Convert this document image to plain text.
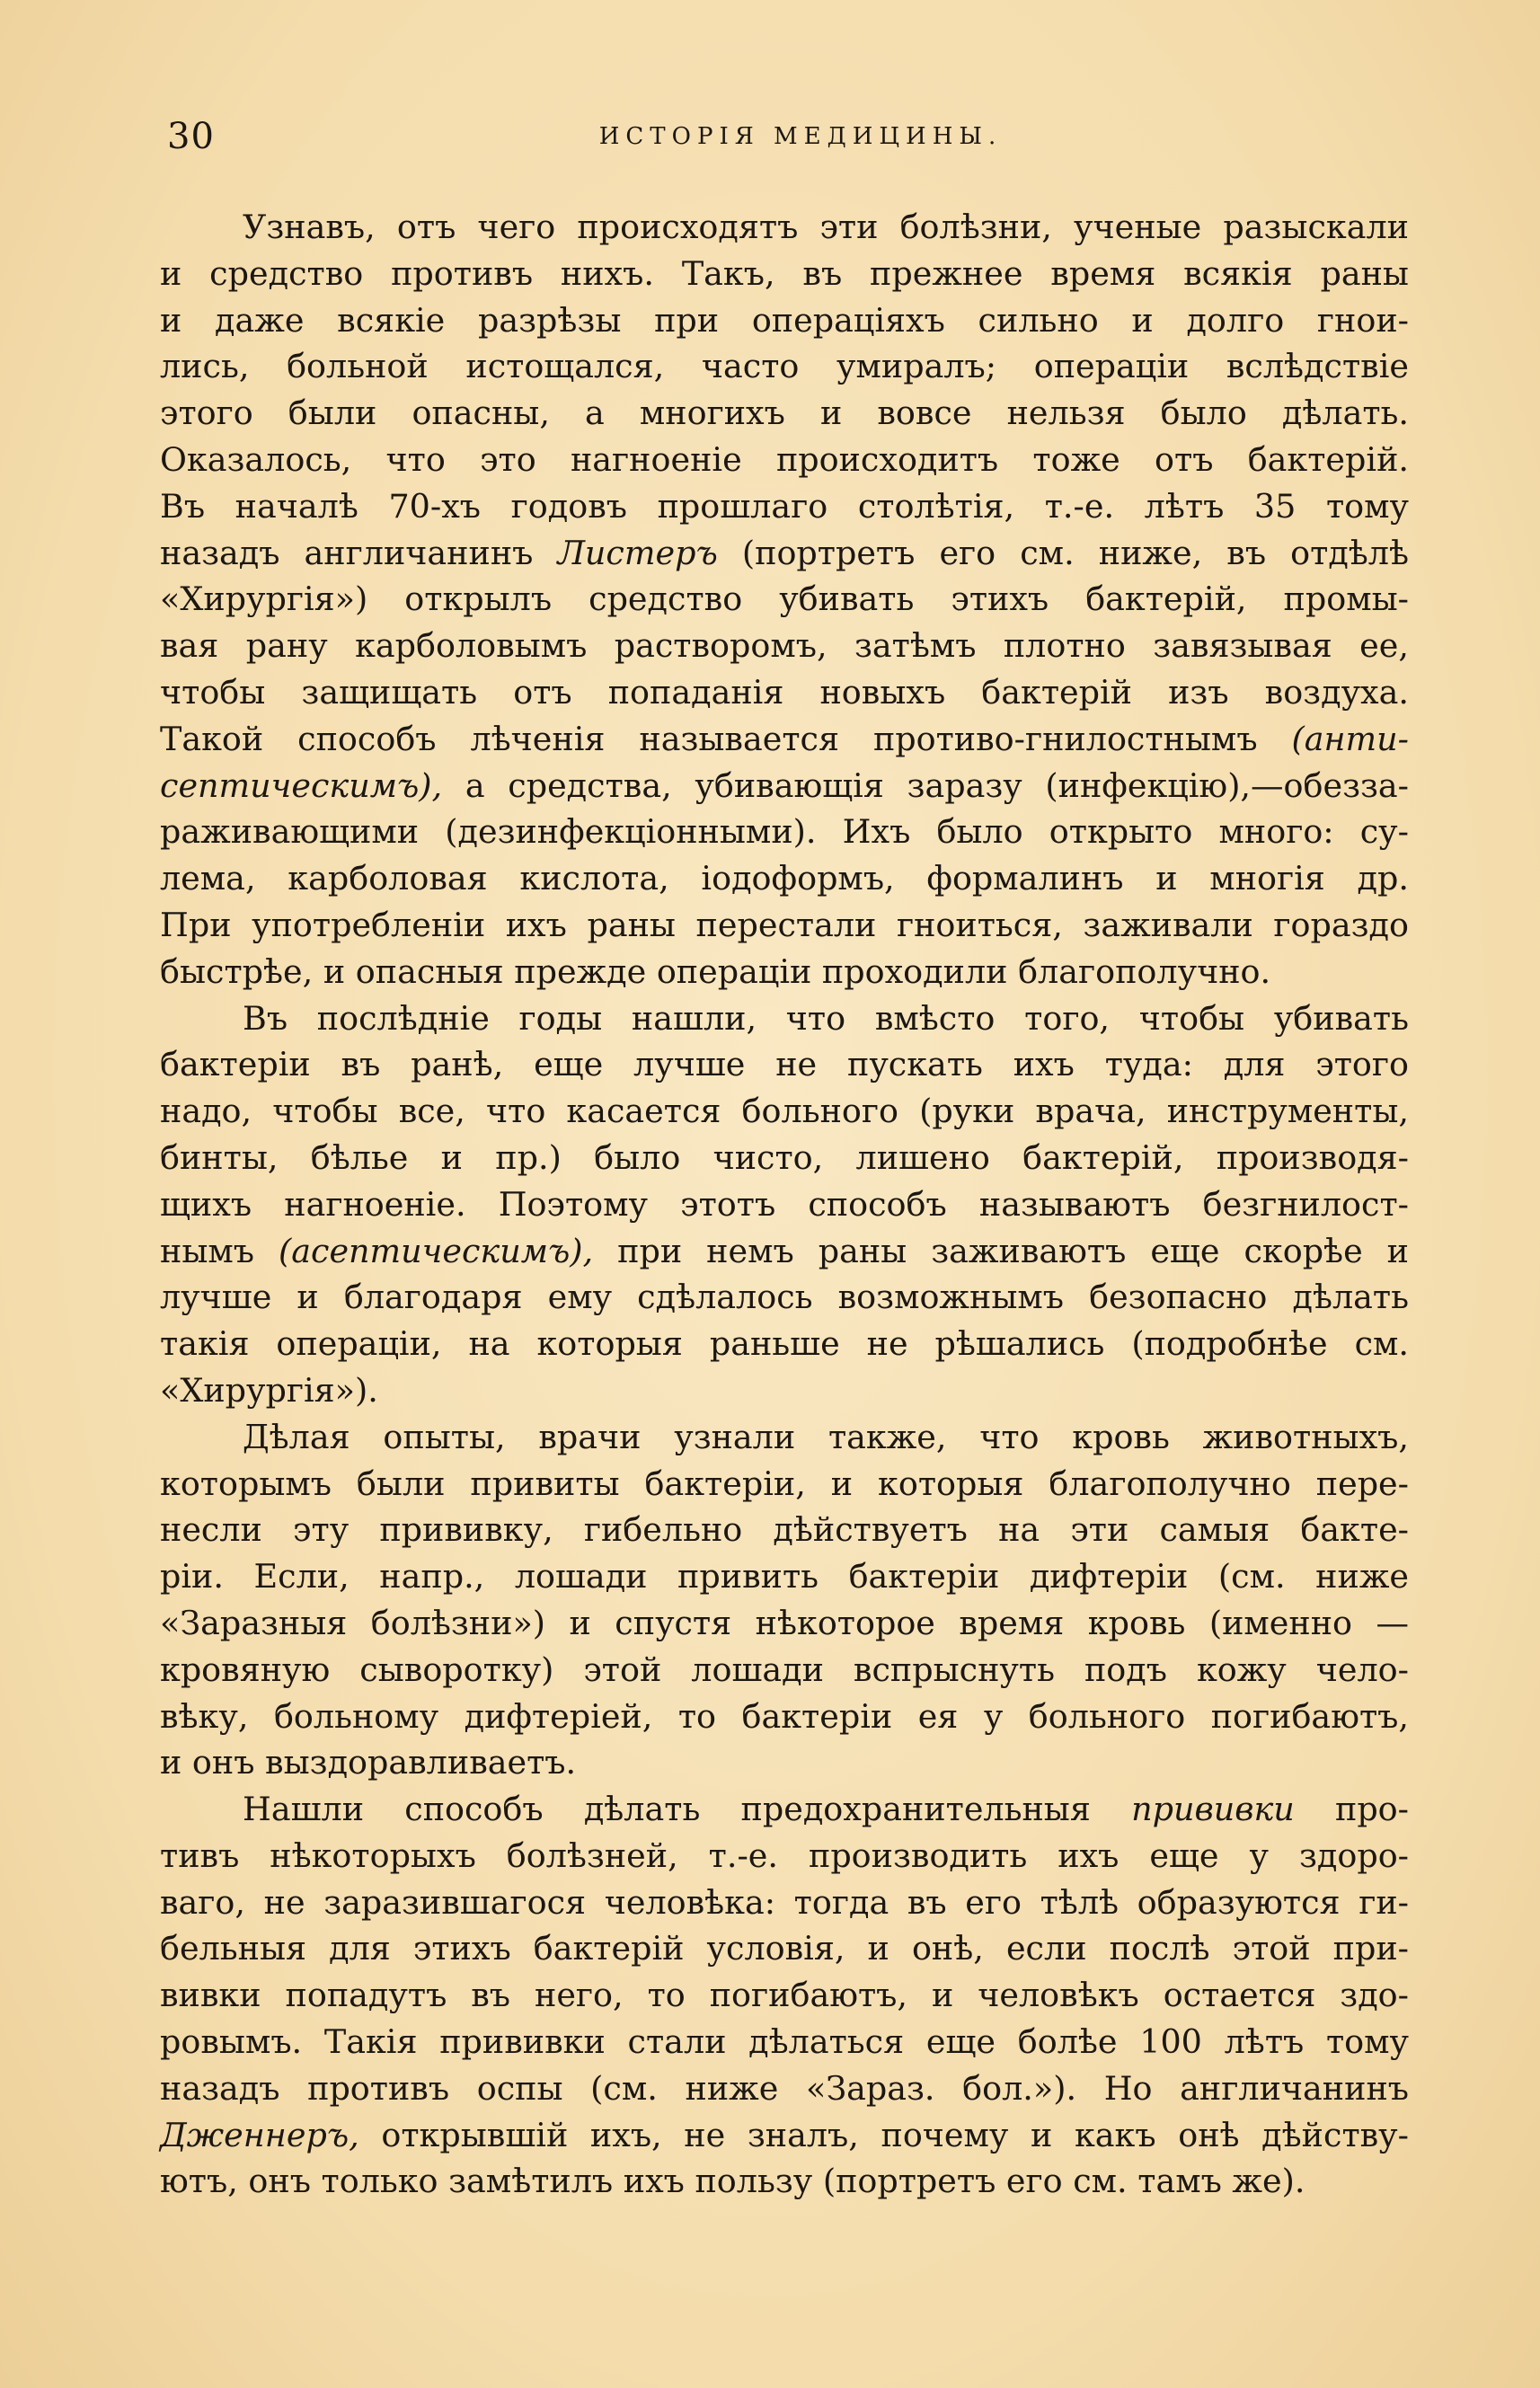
30	ИСТОРІЯ МЕДИЦИНЫ.
Узнавъ, отъ чего происходятъ эти болѣзни, ученые разыскали
и средство противъ нихъ. Такъ, въ прежнее время всякія раны
и даже всякіе разрѣзы при операціяхъ сильно и долго гнои-
лись, больной истощался, часто умиралъ; операціи вслѣдствіе
этого были опасны, а многихъ и вовсе нельзя было дѣлать.
Оказалось, что это нагноеніе происходитъ тоже отъ бактерій.
Въ началѣ 70-хъ годовъ прошлаго столѣтія, т.-е. лѣтъ 35 тому
назадъ англичанинъ Листеръ (портретъ его см. ниже, въ отдѣлѣ
«Хирургія») открылъ средство убивать этихъ бактерій, промы-
вая рану карболовымъ растворомъ, затѣмъ плотно завязывая ее,
чтобы защищать отъ попаданія новыхъ бактерій изъ воздуха.
Такой способъ лѣченія называется противо-гнилостнымъ (анти-
септическимъ), а средства, убивающія заразу (инфекцію),—обезза-
раживающими (дезинфекціонными). Ихъ было открыто много: су-
лема, карболовая кислота, іодоформъ, формалинъ и многія др.
При употребленіи ихъ раны перестали гноиться, заживали гораздо
быстрѣе, и опасныя прежде операціи проходили благополучно.
Въ послѣдніе годы нашли, что вмѣсто того, чтобы убивать
бактеріи въ ранѣ, еще лучше не пускать ихъ туда: для этого
надо, чтобы все, что касается больного (руки врача, инструменты,
бинты, бѣлье и пр.) было чисто, лишено бактерій, производя-
щихъ нагноеніе. Поэтому этотъ способъ называютъ безгнилост-
нымъ (асептическимъ), при немъ раны заживаютъ еще скорѣе и
лучше и благодаря ему сдѣлалось возможнымъ безопасно дѣлать
такія операціи, на которыя раньше не рѣшались (подробнѣе см.
«Хирургія»).
Дѣлая опыты, врачи узнали также, что кровь животныхъ,
которымъ были привиты бактеріи, и которыя благополучно пере-
несли эту прививку, гибельно дѣйствуетъ на эти самыя бакте-
ріи. Если, напр., лошади привить бактеріи дифтеріи (см. ниже
«Заразныя болѣзни») и спустя нѣкоторое время кровь (именно —
кровяную сыворотку) этой лошади вспрыснуть подъ кожу чело-
вѣку, больному дифтеріей, то бактеріи ея у больного погибаютъ,
и онъ выздоравливаетъ.
Нашли способъ дѣлать предохранительныя прививки про-
тивъ нѣкоторыхъ болѣзней, т.-е. производить ихъ еще у здоро-
ваго, не заразившагося человѣка: тогда въ его тѣлѣ образуются ги-
бельныя для этихъ бактерій условія, и онѣ, если послѣ этой при-
вивки попадутъ въ него, то погибаютъ, и человѣкъ остается здо-
ровымъ. Такія прививки стали дѣлаться еще болѣе 100 лѣтъ тому
назадъ противъ оспы (см. ниже «Зараз. бол.»). Но англичанинъ
Дженнеръ, открывшій ихъ, не зналъ, почему и какъ онѣ дѣйству-
ютъ, онъ только замѣтилъ ихъ пользу (портретъ его см. тамъ же).
